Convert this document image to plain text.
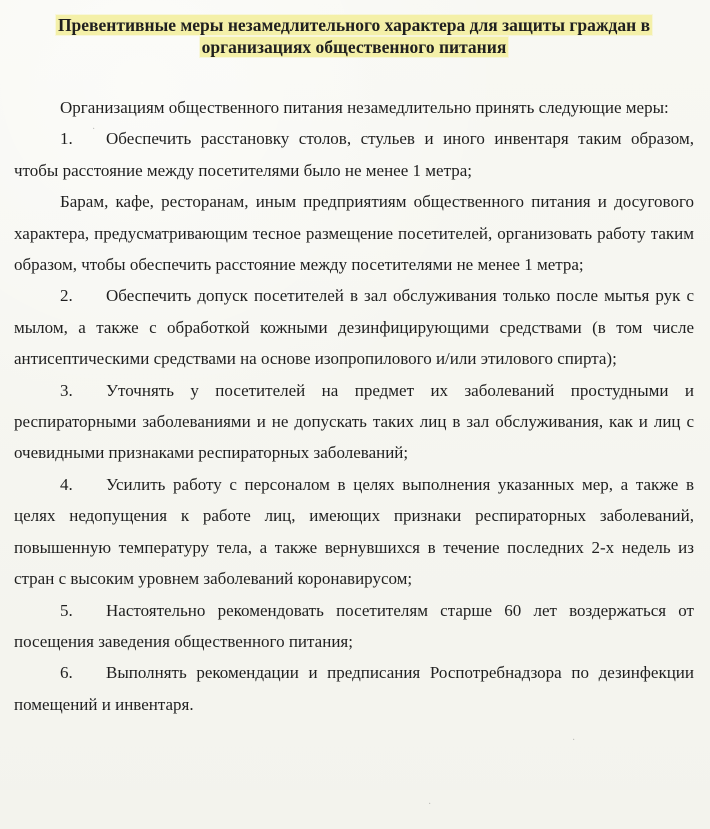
Превентивные меры незамедлительного характера для защиты граждан в
организациях общественного питания

Организациям общественного питания незамедлительно принять следующие меры:

1. Обеспечить расстановку столов, стульев и иного инвентаря таким образом, чтобы расстояние между посетителями было не менее 1 метра;

Барам, кафе, ресторанам, иным предприятиям общественного питания и досугового характера, предусматривающим тесное размещение посетителей, организовать работу таким образом, чтобы обеспечить расстояние между посетителями не менее 1 метра;

2. Обеспечить допуск посетителей в зал обслуживания только после мытья рук с мылом, а также с обработкой кожными дезинфицирующими средствами (в том числе антисептическими средствами на основе изопропилового и/или этилового спирта);

3. Уточнять у посетителей на предмет их заболеваний простудными и респираторными заболеваниями и не допускать таких лиц в зал обслуживания, как и лиц с очевидными признаками респираторных заболеваний;

4. Усилить работу с персоналом в целях выполнения указанных мер, а также в целях недопущения к работе лиц, имеющих признаки респираторных заболеваний, повышенную температуру тела, а также вернувшихся в течение последних 2-х недель из стран с высоким уровнем заболеваний коронавирусом;

5. Настоятельно рекомендовать посетителям старше 60 лет воздержаться от посещения заведения общественного питания;

6. Выполнять рекомендации и предписания Роспотребнадзора по дезинфекции помещений и инвентаря.

·
·
·
